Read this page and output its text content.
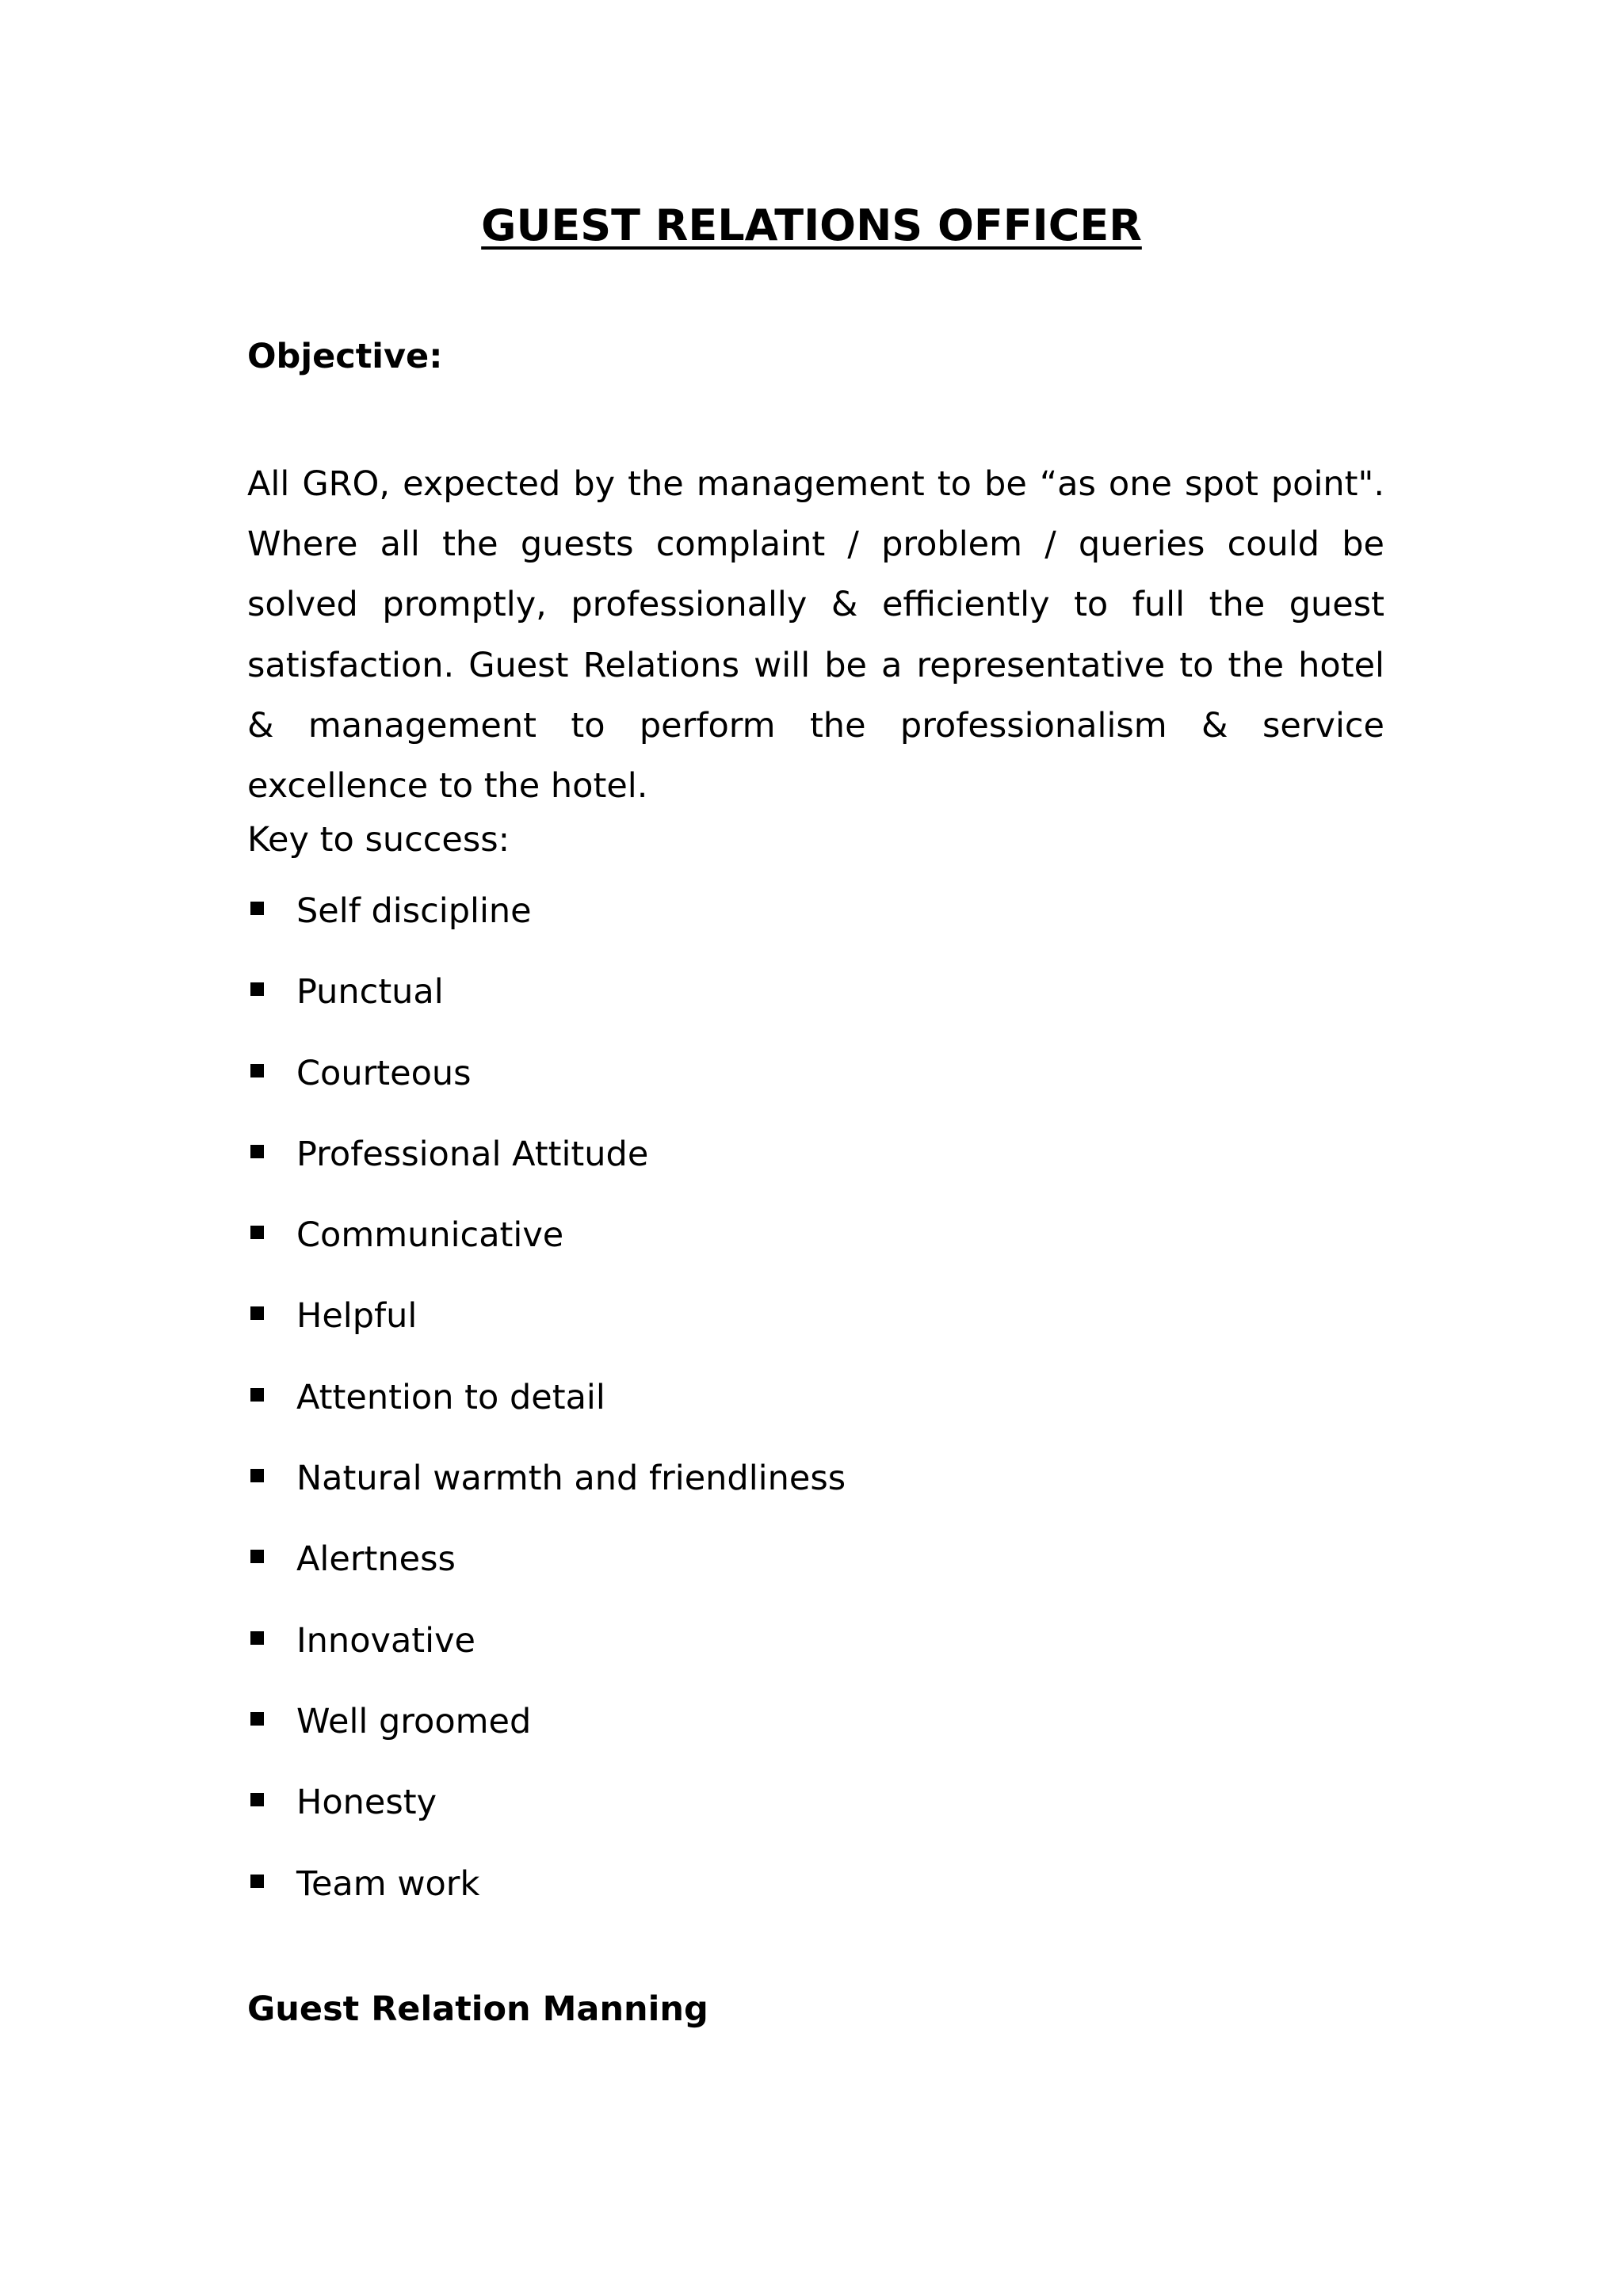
GUEST RELATIONS OFFICER
Objective:

All GRO, expected by the management to be “as one spot point". Where all the guests complaint / problem / queries could be solved promptly, professionally & efficiently to full the guest satisfaction. Guest Relations will be a representative to the hotel & management to perform the professionalism & service excellence to the hotel.

Key to success:

Self discipline
Punctual
Courteous
Professional Attitude
Communicative
Helpful
Attention to detail
Natural warmth and friendliness
Alertness
Innovative
Well groomed
Honesty
Team work
Guest Relation Manning
